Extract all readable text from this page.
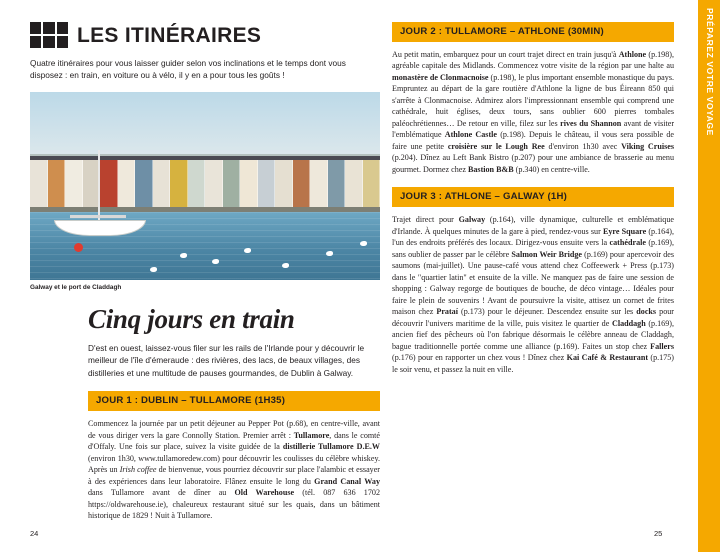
LES ITINÉRAIRES
Quatre itinéraires pour vous laisser guider selon vos inclinations et le temps dont vous disposez : en train, en voiture ou à vélo, il y en a pour tous les goûts !
Galway et le port de Claddagh
Cinq jours en train
D'est en ouest, laissez-vous filer sur les rails de l'Irlande pour y découvrir le meilleur de l'île d'émeraude : des rivières, des lacs, de beaux villages, des distilleries et une multitude de pauses gourmandes, de Dublin à Galway.
JOUR 1 : DUBLIN – TULLAMORE (1H35)
Commencez la journée par un petit déjeuner au Pepper Pot (p.68), en centre-ville, avant de vous diriger vers la gare Connolly Station. Premier arrêt : Tullamore, dans le comté d'Offaly. Une fois sur place, suivez la visite guidée de la distillerie Tullamore D.E.W (environ 1h30, www.tullamoredew.com) pour découvrir les coulisses du célèbre whiskey. Après un Irish coffee de bienvenue, vous pourriez découvrir sur place l'alambic et essayer à des expériences dans leur laboratoire. Flânez ensuite le long du Grand Canal Way dans Tullamore avant de dîner au Old Warehouse (tél. 087 636 1702 https://oldwarehouse.ie), chaleureux restaurant situé sur les quais, dans un bâtiment historique de 1829 ! Nuit à Tullamore.
JOUR 2 : TULLAMORE – ATHLONE (30MIN)
Au petit matin, embarquez pour un court trajet direct en train jusqu'à Athlone (p.198), agréable capitale des Midlands. Commencez votre visite de la région par une halte au monastère de Clonmacnoise (p.198), le plus important ensemble monastique du pays. Empruntez au départ de la gare routière d'Athlone la ligne de bus Éireann 850 qui s'arrête à Clonmacnoise. Admirez alors l'impressionnant ensemble qui comprend une cathédrale, huit églises, deux tours, sans oublier 600 pierres tombales paléochrétiennes… De retour en ville, filez sur les rives du Shannon avant de visiter l'emblématique Athlone Castle (p.198). Depuis le château, il vous sera possible de faire une petite croisière sur le Lough Ree d'environ 1h30 avec Viking Cruises (p.204). Dînez au Left Bank Bistro (p.207) pour une ambiance de brasserie au menu gourmet. Dormez chez Bastion B&B (p.340) en centre-ville.
JOUR 3 : ATHLONE – GALWAY (1H)
Trajet direct pour Galway (p.164), ville dynamique, culturelle et emblématique d'Irlande. À quelques minutes de la gare à pied, rendez-vous sur Eyre Square (p.164), l'un des endroits préférés des locaux. Dirigez-vous ensuite vers la cathédrale (p.169), sans oublier de passer par le célèbre Salmon Weir Bridge (p.169) pour apercevoir des saumons (mai-juillet). Une pause-café vous attend chez Coffeewerk + Press (p.173) dans le "quartier latin" et ensuite de la ville. Ne manquez pas de faire une session de shopping : Galway regorge de boutiques de bouche, de déco vintage… Idéales pour faire le plein de souvenirs ! Avant de poursuivre la visite, attisez un cornet de frites maison chez Prataí (p.173) pour le déjeuner. Descendez ensuite sur les docks pour découvrir l'univers maritime de la ville, puis visitez le quartier de Claddagh (p.169), ancien fief des pêcheurs où l'on fabrique désormais le célèbre anneau de Claddagh, bague traditionnelle portée comme une alliance (p.169). Faites un stop chez Fallers (p.176) pour en rapporter un chez vous ! Dînez chez Kai Café & Restaurant (p.175) le soir venu, et passez la nuit en ville.
24	25
PRÉPAREZ VOTRE VOYAGE
